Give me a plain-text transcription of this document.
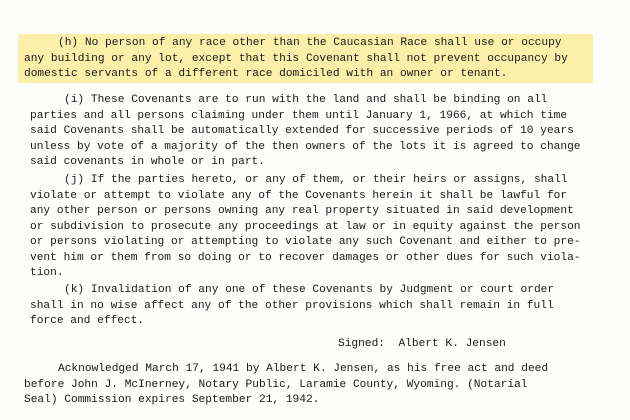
(h) No person of any race other than the Caucasian Race shall use or occupy
any building or any lot, except that this Covenant shall not prevent occupancy by
domestic servants of a different race domiciled with an owner or tenant.
(i) These Covenants are to run with the land and shall be binding on all
parties and all persons claiming under them until January 1, 1966, at which time
said Covenants shall be automatically extended for successive periods of 10 years
unless by vote of a majority of the then owners of the lots it is agreed to change
said covenants in whole or in part.
(j) If the parties hereto, or any of them, or their heirs or assigns, shall
violate or attempt to violate any of the Covenants herein it shall be lawful for
any other person or persons owning any real property situated in said development
or subdivision to prosecute any proceedings at law or in equity against the person
or persons violating or attempting to violate any such Covenant and either to pre-
vent him or them from so doing or to recover damages or other dues for such viola-
tion.
(k) Invalidation of any one of these Covenants by Judgment or court order
shall in no wise affect any of the other provisions which shall remain in full
force and effect.
Signed: Albert K. Jensen
Acknowledged March 17, 1941 by Albert K. Jensen, as his free act and deed
before John J. McInerney, Notary Public, Laramie County, Wyoming. (Notarial
Seal) Commission expires September 21, 1942.
